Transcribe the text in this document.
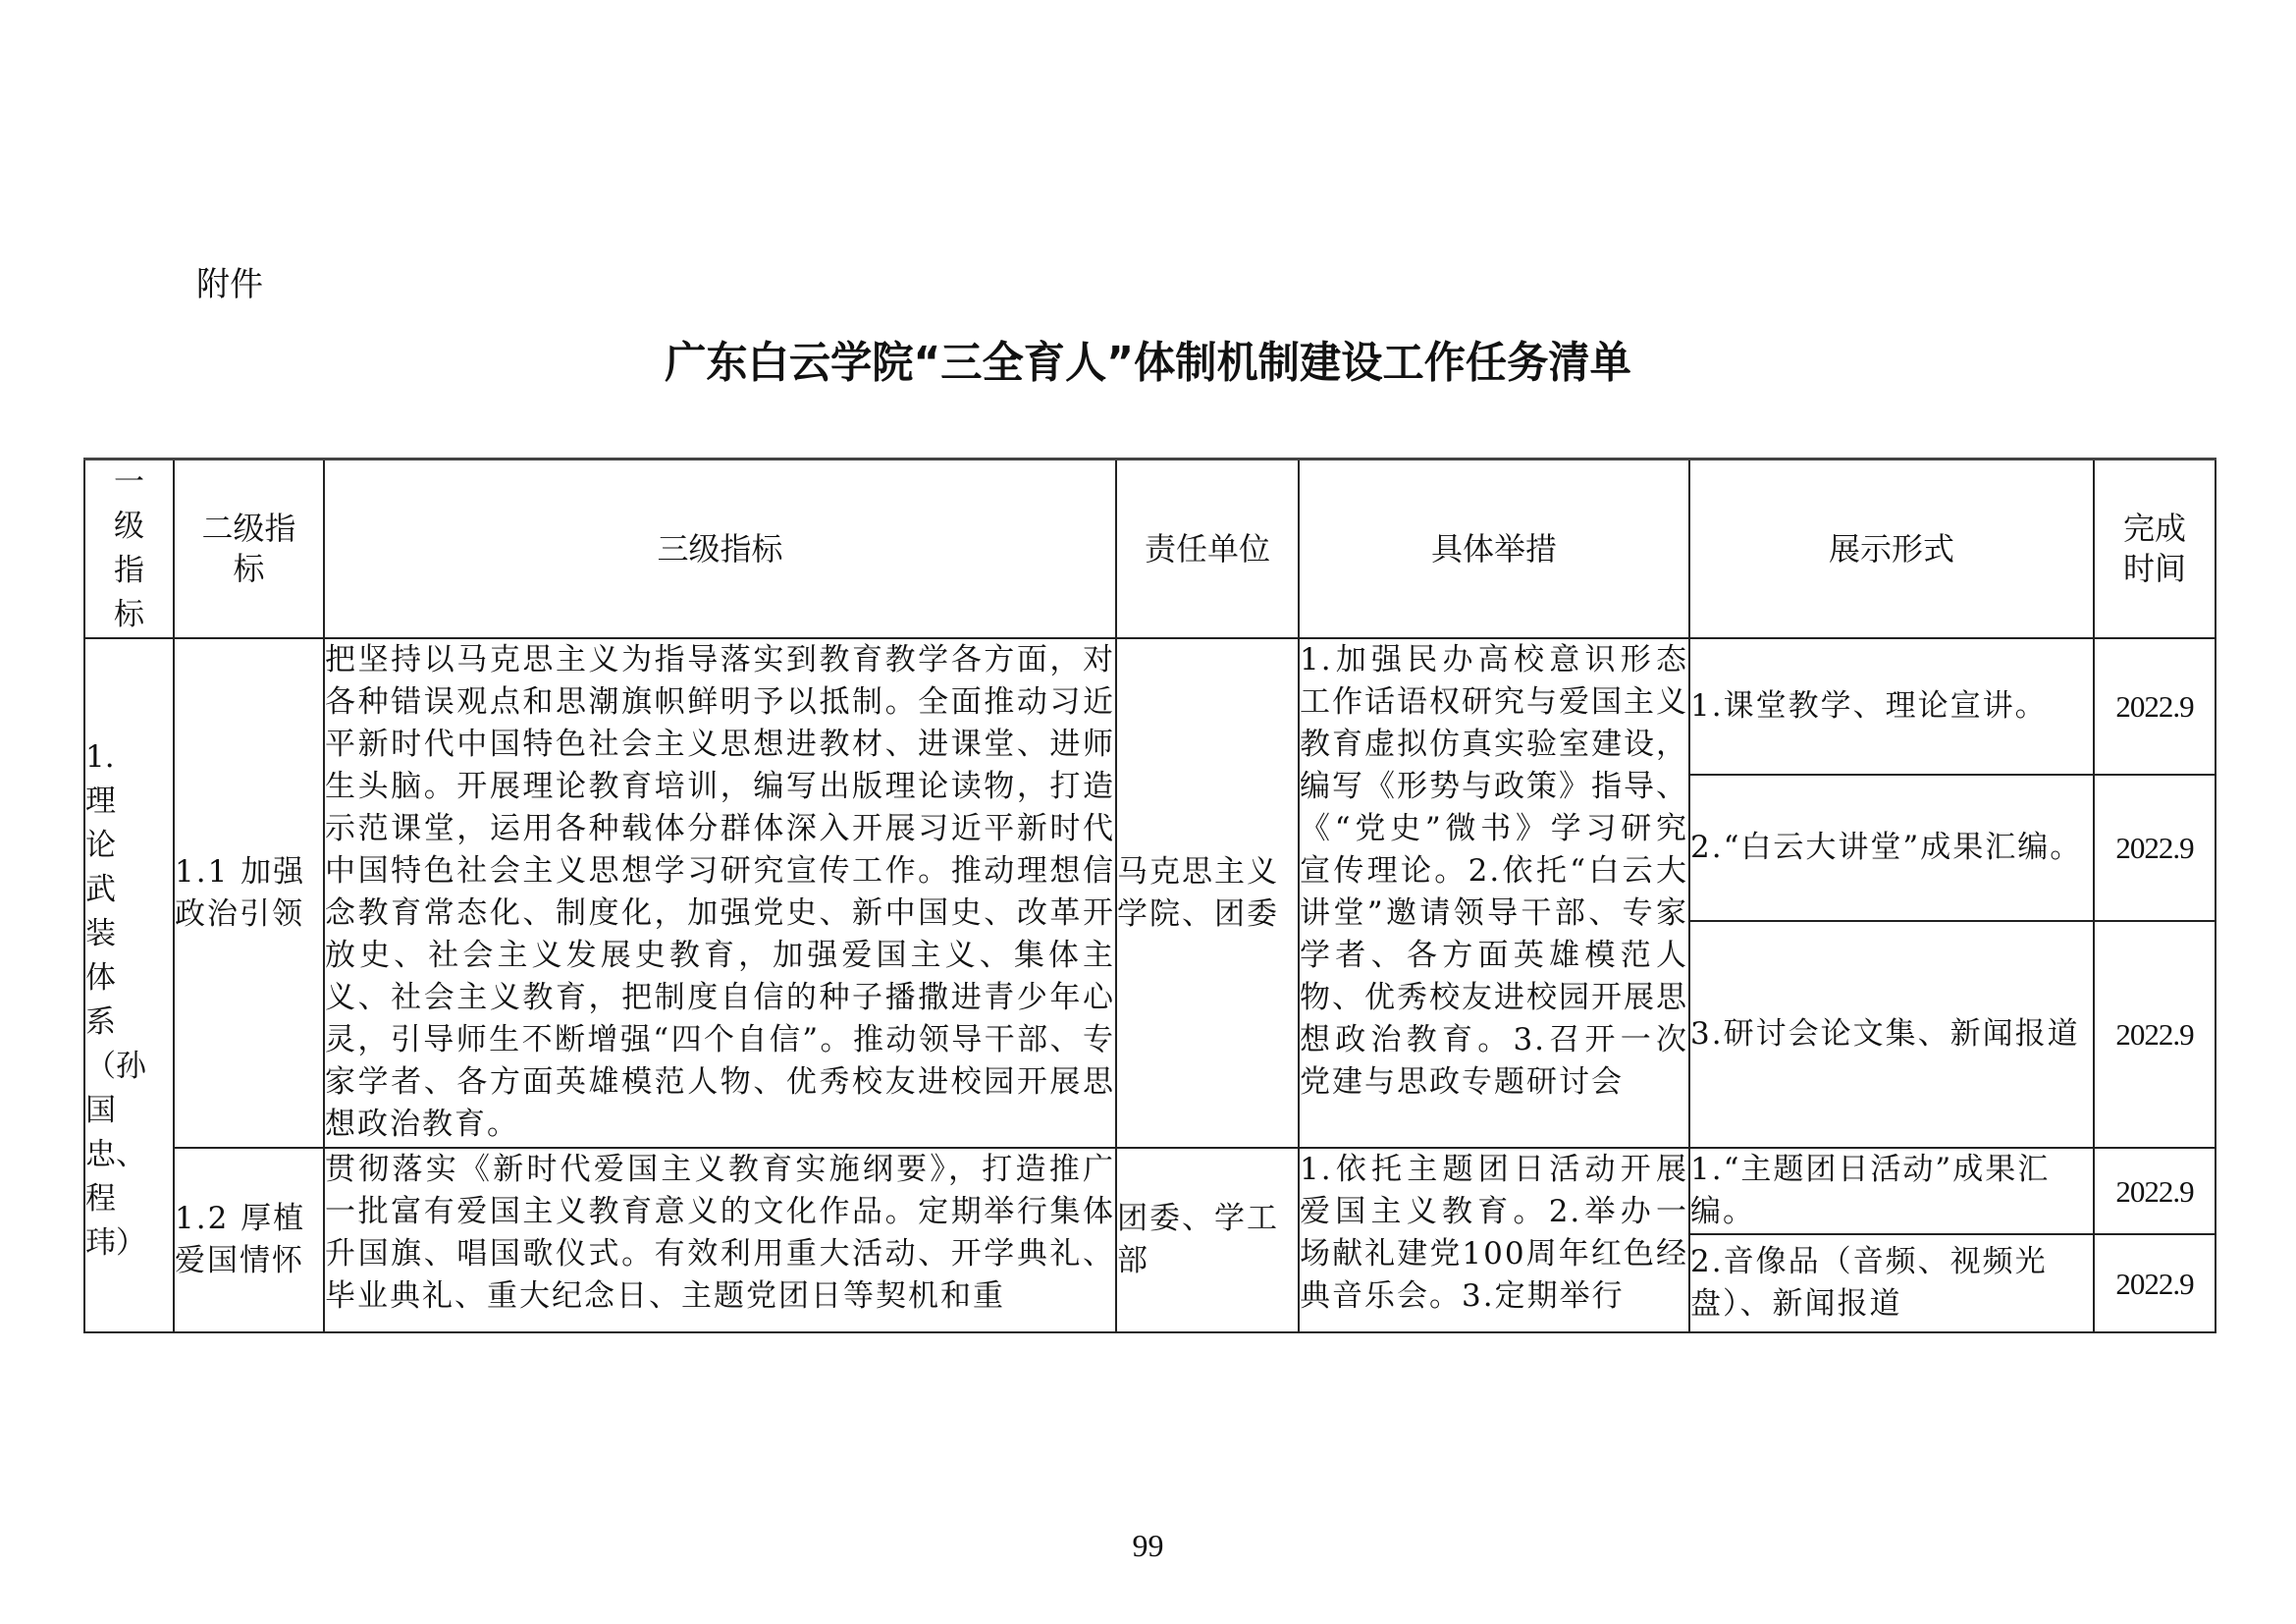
附件
广东白云学院“三全育人”体制机制建设工作任务清单
一级指标	二级指标	三级指标	责任单位	具体举措	展示形式	完成时间

1.理论武装体系（孙国忠、程玮）	1.1 加强政治引领	把坚持以马克思主义为指导落实到教育教学各方面，对各种错误观点和思潮旗帜鲜明予以抵制。全面推动习近平新时代中国特色社会主义思想进教材、进课堂、进师生头脑。开展理论教育培训，编写出版理论读物，打造示范课堂，运用各种载体分群体深入开展习近平新时代中国特色社会主义思想学习研究宣传工作。推动理想信念教育常态化、制度化，加强党史、新中国史、改革开放史、社会主义发展史教育，加强爱国主义、集体主义、社会主义教育，把制度自信的种子播撒进青少年心灵，引导师生不断增强“四个自信”。推动领导干部、专家学者、各方面英雄模范人物、优秀校友进校园开展思想政治教育。	马克思主义学院、团委	1.加强民办高校意识形态工作话语权研究与爱国主义教育虚拟仿真实验室建设，编写《形势与政策》指导、《“党史”微书》学习研究宣传理论。2.依托“白云大讲堂”邀请领导干部、专家学者、各方面英雄模范人物、优秀校友进校园开展思想政治教育。3.召开一次党建与思政专题研讨会	1.课堂教学、理论宣讲。	2022.9
					2.“白云大讲堂”成果汇编。	2022.9
					3.研讨会论文集、新闻报道	2022.9
	1.2 厚植爱国情怀	贯彻落实《新时代爱国主义教育实施纲要》，打造推广一批富有爱国主义教育意义的文化作品。定期举行集体升国旗、唱国歌仪式。有效利用重大活动、开学典礼、毕业典礼、重大纪念日、主题党团日等契机和重	团委、学工部	1.依托主题团日活动开展爱国主义教育。2.举办一场献礼建党100周年红色经典音乐会。3.定期举行	1.“主题团日活动”成果汇编。	2022.9
					2.音像品（音频、视频光盘）、新闻报道	2022.9
99
